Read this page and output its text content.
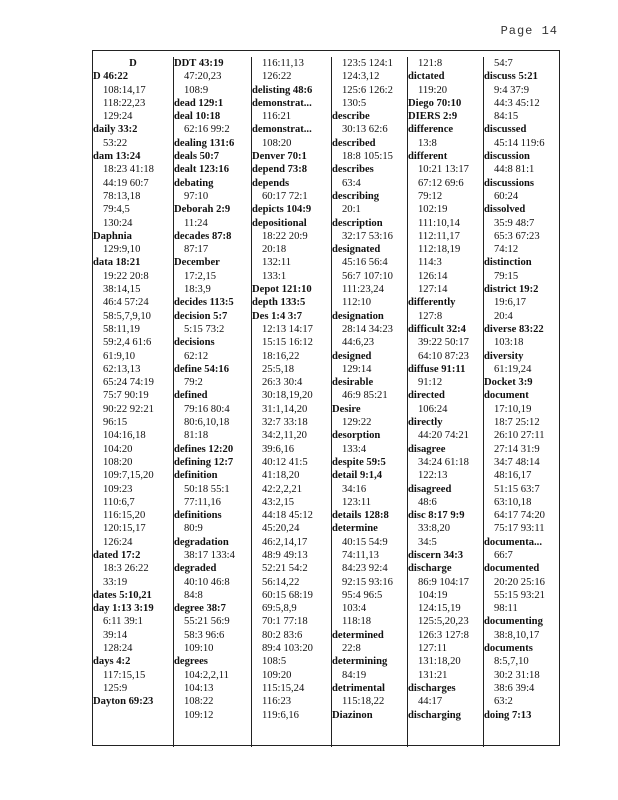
Page 14
D
D 46:22
108:14,17
118:22,23
129:24
daily 33:2
53:22
dam 13:24
18:23 41:18
44:19 60:7
78:13,18
79:4,5
130:24
Daphnia
129:9,10
data 18:21
19:22 20:8
38:14,15
46:4 57:24
58:5,7,9,10
58:11,19
59:2,4 61:6
61:9,10
62:13,13
65:24 74:19
75:7 90:19
90:22 92:21
96:15
104:16,18
104:20
108:20
109:7,15,20
109:23
110:6,7
116:15,20
120:15,17
126:24
dated 17:2
18:3 26:22
33:19
dates 5:10,21
day 1:13 3:19
6:11 39:1
39:14
128:24
days 4:2
117:15,15
125:9
Dayton 69:23
DDT 43:19
47:20,23
108:9
dead 129:1
deal 10:18
62:16 99:2
dealing 131:6
deals 50:7
dealt 123:16
debating
97:10
Deborah 2:9
11:24
decades 87:8
87:17
December
17:2,15
18:3,9
decides 113:5
decision 5:7
5:15 73:2
decisions
62:12
define 54:16
79:2
defined
79:16 80:4
80:6,10,18
81:18
defines 12:20
defining 12:7
definition
50:18 55:1
77:11,16
definitions
80:9
degradation
38:17 133:4
degraded
40:10 46:8
84:8
degree 38:7
55:21 56:9
58:3 96:6
109:10
degrees
104:2,2,11
104:13
108:22
109:12
116:11,13
126:22
delisting 48:6
demonstrat...
116:21
demonstrat...
108:20
Denver 70:1
depend 73:8
depends
60:17 72:1
depicts 104:9
depositional
18:22 20:9
20:18
132:11
133:1
Depot 121:10
depth 133:5
Des 1:4 3:7
12:13 14:17
15:15 16:12
18:16,22
25:5,18
26:3 30:4
30:18,19,20
31:1,14,20
32:7 33:18
34:2,11,20
39:6,16
40:12 41:5
41:18,20
42:2,2,21
43:2,15
44:18 45:12
45:20,24
46:2,14,17
48:9 49:13
52:21 54:2
56:14,22
60:15 68:19
69:5,8,9
70:1 77:18
80:2 83:6
89:4 103:20
108:5
109:20
115:15,24
116:23
119:6,16
123:5 124:1
124:3,12
125:6 126:2
130:5
describe
30:13 62:6
described
18:8 105:15
describes
63:4
describing
20:1
description
32:17 53:16
designated
45:16 56:4
56:7 107:10
111:23,24
112:10
designation
28:14 34:23
44:6,23
designed
129:14
desirable
46:9 85:21
Desire
129:22
desorption
133:4
despite 59:5
detail 9:1,4
34:16
123:11
details 128:8
determine
40:15 54:9
74:11,13
84:23 92:4
92:15 93:16
95:4 96:5
103:4
118:18
determined
22:8
determining
84:19
detrimental
115:18,22
Diazinon
121:8
dictated
119:20
Diego 70:10
DIERS 2:9
difference
13:8
different
10:21 13:17
67:12 69:6
79:12
102:19
111:10,14
112:11,17
112:18,19
114:3
126:14
127:14
differently
127:8
difficult 32:4
39:22 50:17
64:10 87:23
diffuse 91:11
91:12
directed
106:24
directly
44:20 74:21
disagree
34:24 61:18
122:13
disagreed
48:6
disc 8:17 9:9
33:8,20
34:5
discern 34:3
discharge
86:9 104:17
104:19
124:15,19
125:5,20,23
126:3 127:8
127:11
131:18,20
131:21
discharges
44:17
discharging
54:7
discuss 5:21
9:4 37:9
44:3 45:12
84:15
discussed
45:14 119:6
discussion
44:8 81:1
discussions
60:24
dissolved
35:9 48:7
65:3 67:23
74:12
distinction
79:15
district 19:2
19:6,17
20:4
diverse 83:22
103:18
diversity
61:19,24
Docket 3:9
document
17:10,19
18:7 25:12
26:10 27:11
27:14 31:9
34:7 48:14
48:16,17
51:15 63:7
63:10,18
64:17 74:20
75:17 93:11
documenta...
66:7
documented
20:20 25:16
55:15 93:21
98:11
documenting
38:8,10,17
documents
8:5,7,10
30:2 31:18
38:6 39:4
63:2
doing 7:13
